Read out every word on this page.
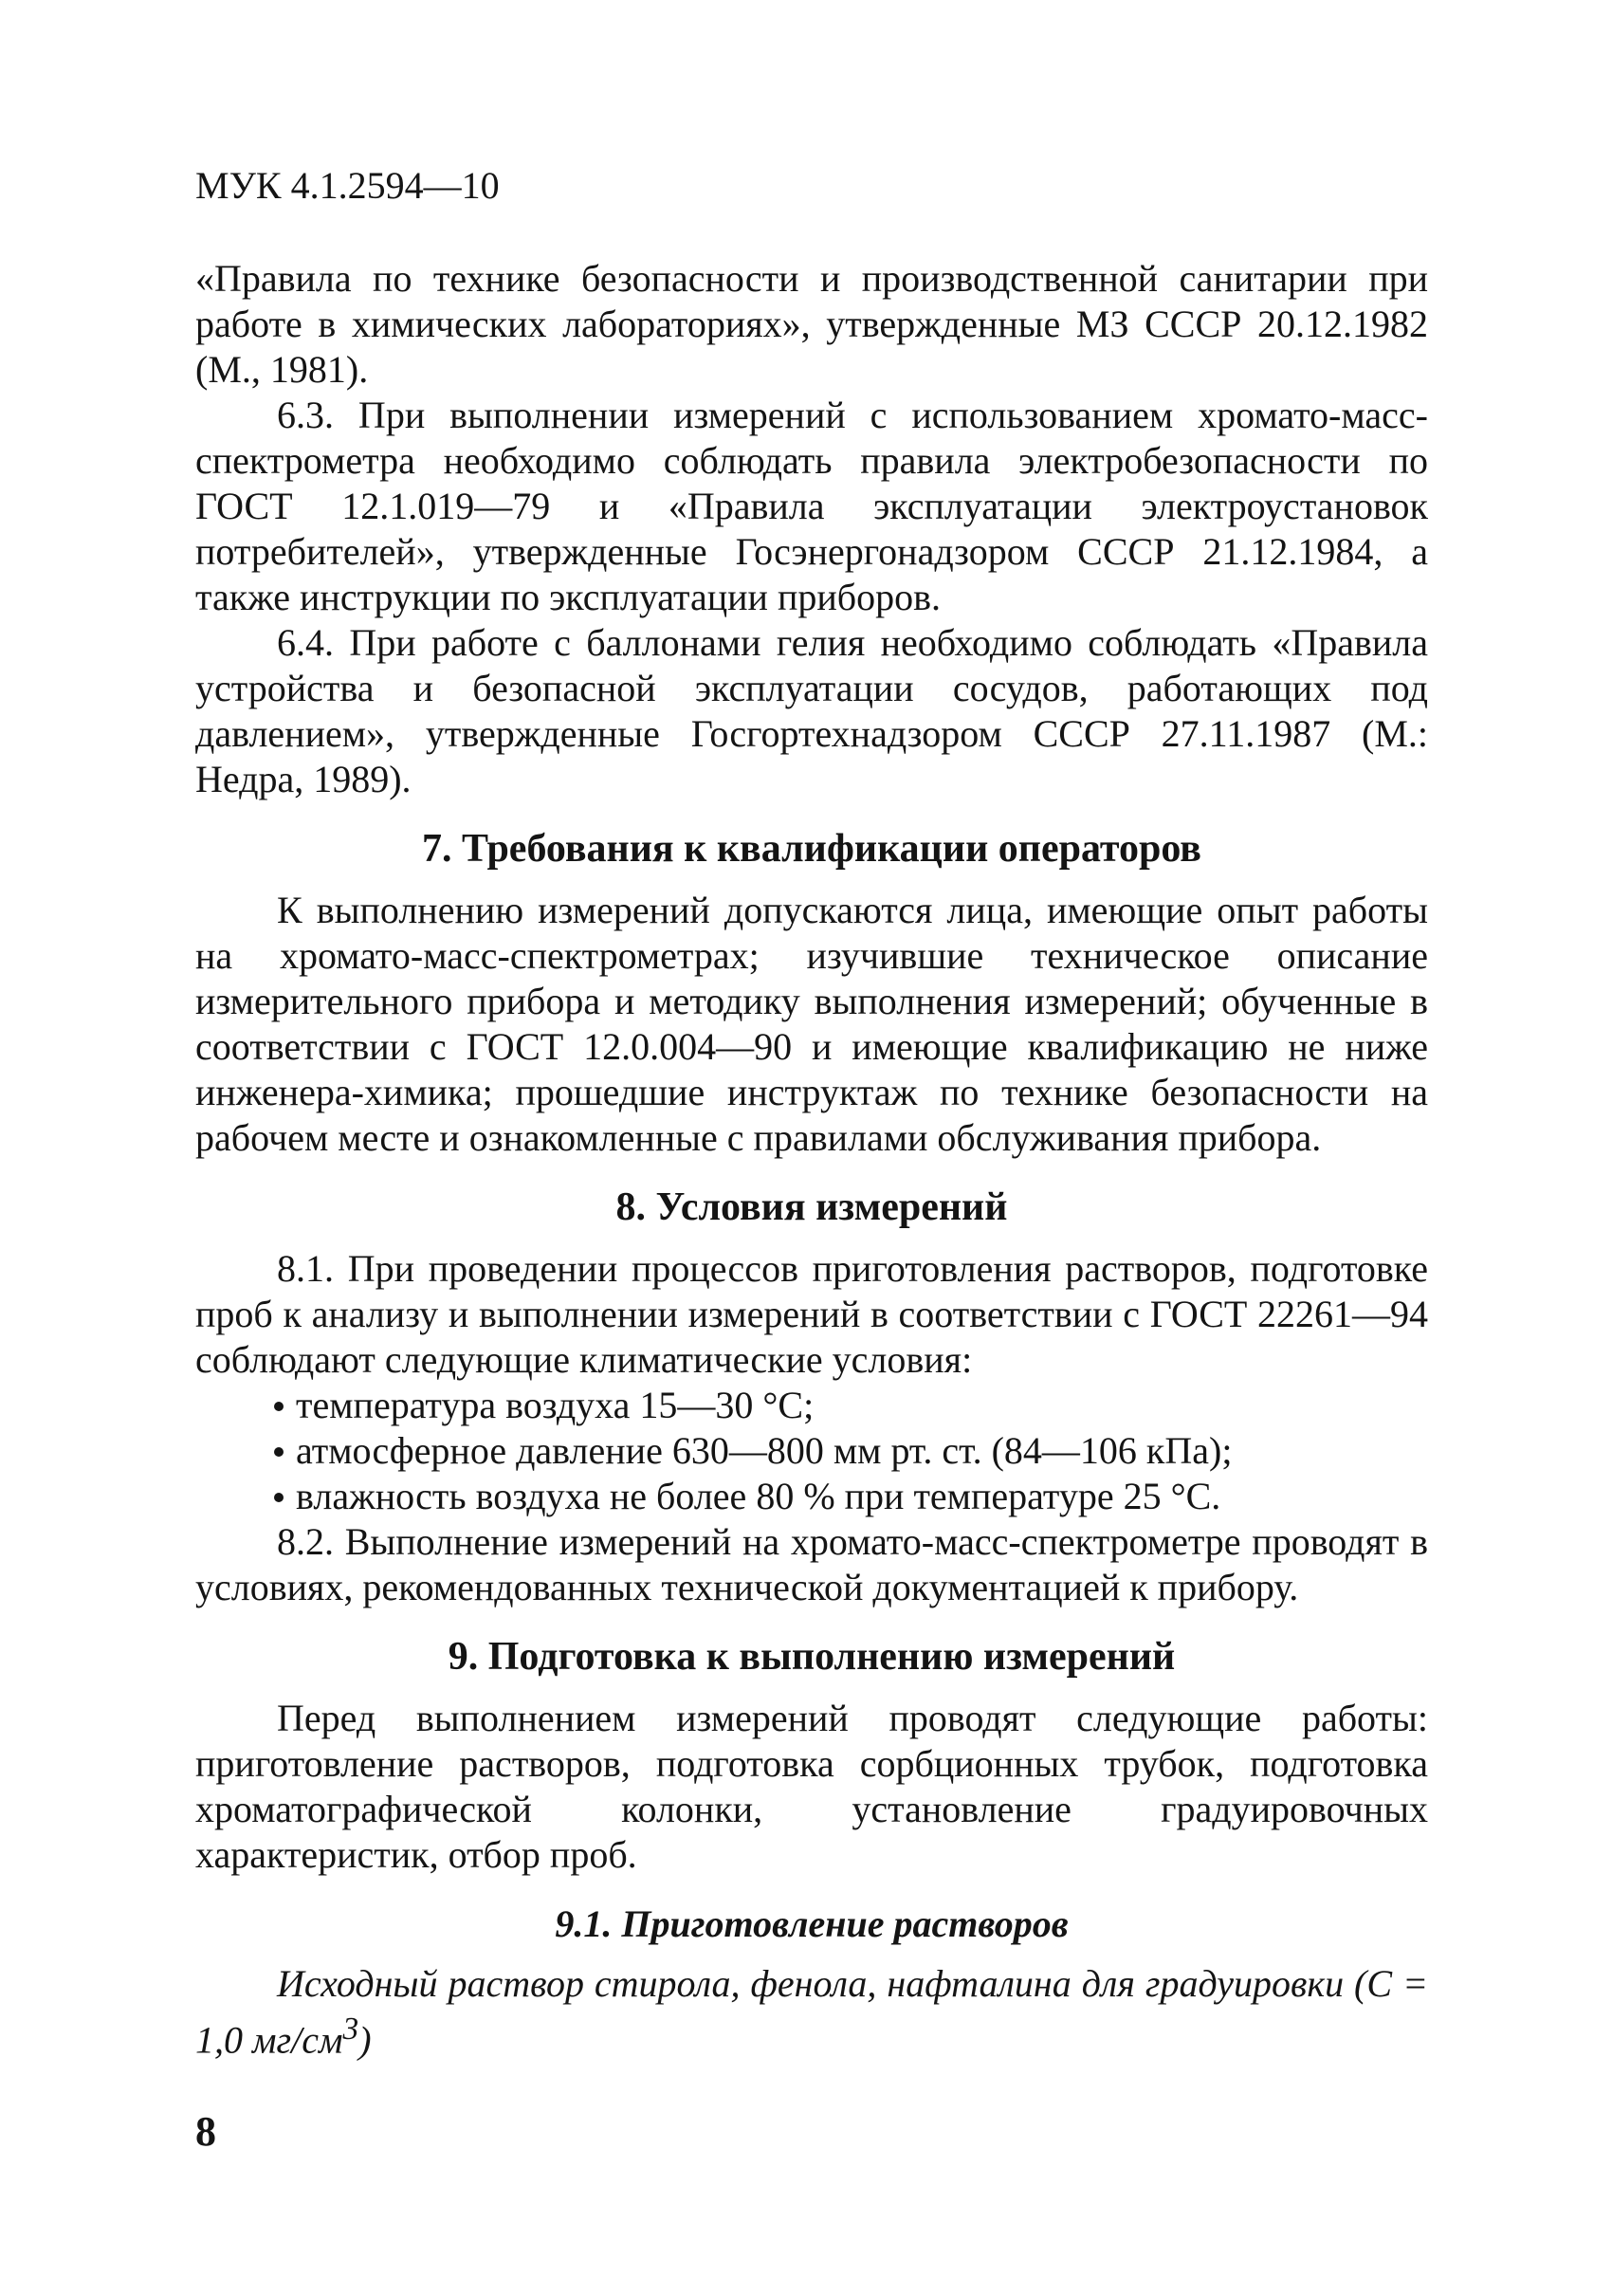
МУК 4.1.2594—10

«Правила по технике безопасности и производственной санитарии при работе в химических лабораториях», утвержденные МЗ СССР 20.12.1982 (М., 1981).

6.3. При выполнении измерений с использованием хромато-масс-спектрометра необходимо соблюдать правила электробезопасности по ГОСТ 12.1.019—79 и «Правила эксплуатации электроустановок потребителей», утвержденные Госэнергонадзором СССР 21.12.1984, а также инструкции по эксплуатации приборов.

6.4. При работе с баллонами гелия необходимо соблюдать «Правила устройства и безопасной эксплуатации сосудов, работающих под давлением», утвержденные Госгортехнадзором СССР 27.11.1987 (М.: Недра, 1989).

7. Требования к квалификации операторов

К выполнению измерений допускаются лица, имеющие опыт работы на хромато-масс-спектрометрах; изучившие техническое описание измерительного прибора и методику выполнения измерений; обученные в соответствии с ГОСТ 12.0.004—90 и имеющие квалификацию не ниже инженера-химика; прошедшие инструктаж по технике безопасности на рабочем месте и ознакомленные с правилами обслуживания прибора.

8. Условия измерений

8.1. При проведении процессов приготовления растворов, подготовке проб к анализу и выполнении измерений в соответствии с ГОСТ 22261—94 соблюдают следующие климатические условия:

температура воздуха 15—30 °С;
атмосферное давление 630—800 мм рт. ст. (84—106 кПа);
влажность воздуха не более 80 % при температуре 25 °С.

8.2. Выполнение измерений на хромато-масс-спектрометре проводят в условиях, рекомендованных технической документацией к прибору.

9. Подготовка к выполнению измерений

Перед выполнением измерений проводят следующие работы: приготовление растворов, подготовка сорбционных трубок, подготовка хроматографической колонки, установление градуировочных характеристик, отбор проб.

9.1. Приготовление растворов
Исходный раствор стирола, фенола, нафталина для градуировки (С = 1,0 $мг/см^3$)
8
